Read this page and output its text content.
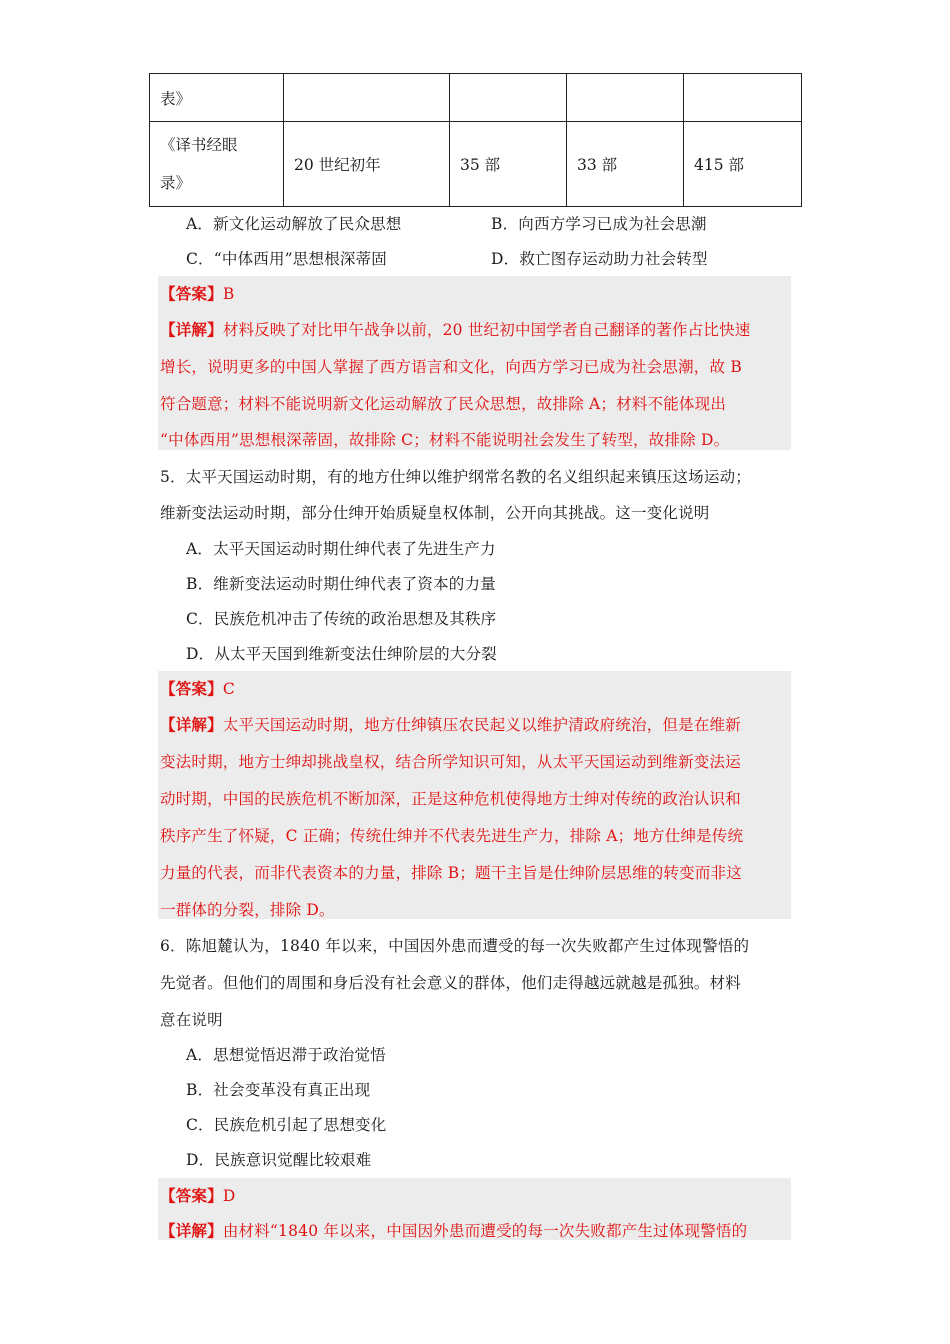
表》				

《译书经眼
录》	20 世纪初年	35 部	33 部	415 部
A．新文化运动解放了民众思想	B．向西方学习已成为社会思潮
C．“中体西用”思想根深蒂固	D．救亡图存运动助力社会转型
【答案】B
【详解】材料反映了对比甲午战争以前，20 世纪初中国学者自己翻译的著作占比快速
增长，说明更多的中国人掌握了西方语言和文化，向西方学习已成为社会思潮，故 B
符合题意；材料不能说明新文化运动解放了民众思想，故排除 A；材料不能体现出
“中体西用”思想根深蒂固，故排除 C；材料不能说明社会发生了转型，故排除 D。
5．太平天国运动时期，有的地方仕绅以维护纲常名教的名义组织起来镇压这场运动；
维新变法运动时期，部分仕绅开始质疑皇权体制，公开向其挑战。这一变化说明
A．太平天国运动时期仕绅代表了先进生产力
B．维新变法运动时期仕绅代表了资本的力量
C．民族危机冲击了传统的政治思想及其秩序
D．从太平天国到维新变法仕绅阶层的大分裂
【答案】C
【详解】太平天国运动时期，地方仕绅镇压农民起义以维护清政府统治，但是在维新
变法时期，地方士绅却挑战皇权，结合所学知识可知，从太平天国运动到维新变法运
动时期，中国的民族危机不断加深，正是这种危机使得地方士绅对传统的政治认识和
秩序产生了怀疑，C 正确；传统仕绅并不代表先进生产力，排除 A；地方仕绅是传统
力量的代表，而非代表资本的力量，排除 B；题干主旨是仕绅阶层思维的转变而非这
一群体的分裂，排除 D。
6．陈旭麓认为，1840 年以来，中国因外患而遭受的每一次失败都产生过体现警悟的
先觉者。但他们的周围和身后没有社会意义的群体，他们走得越远就越是孤独。材料
意在说明
A．思想觉悟迟滞于政治觉悟
B．社会变革没有真正出现
C．民族危机引起了思想变化
D．民族意识觉醒比较艰难
【答案】D
【详解】由材料“1840 年以来，中国因外患而遭受的每一次失败都产生过体现警悟的
